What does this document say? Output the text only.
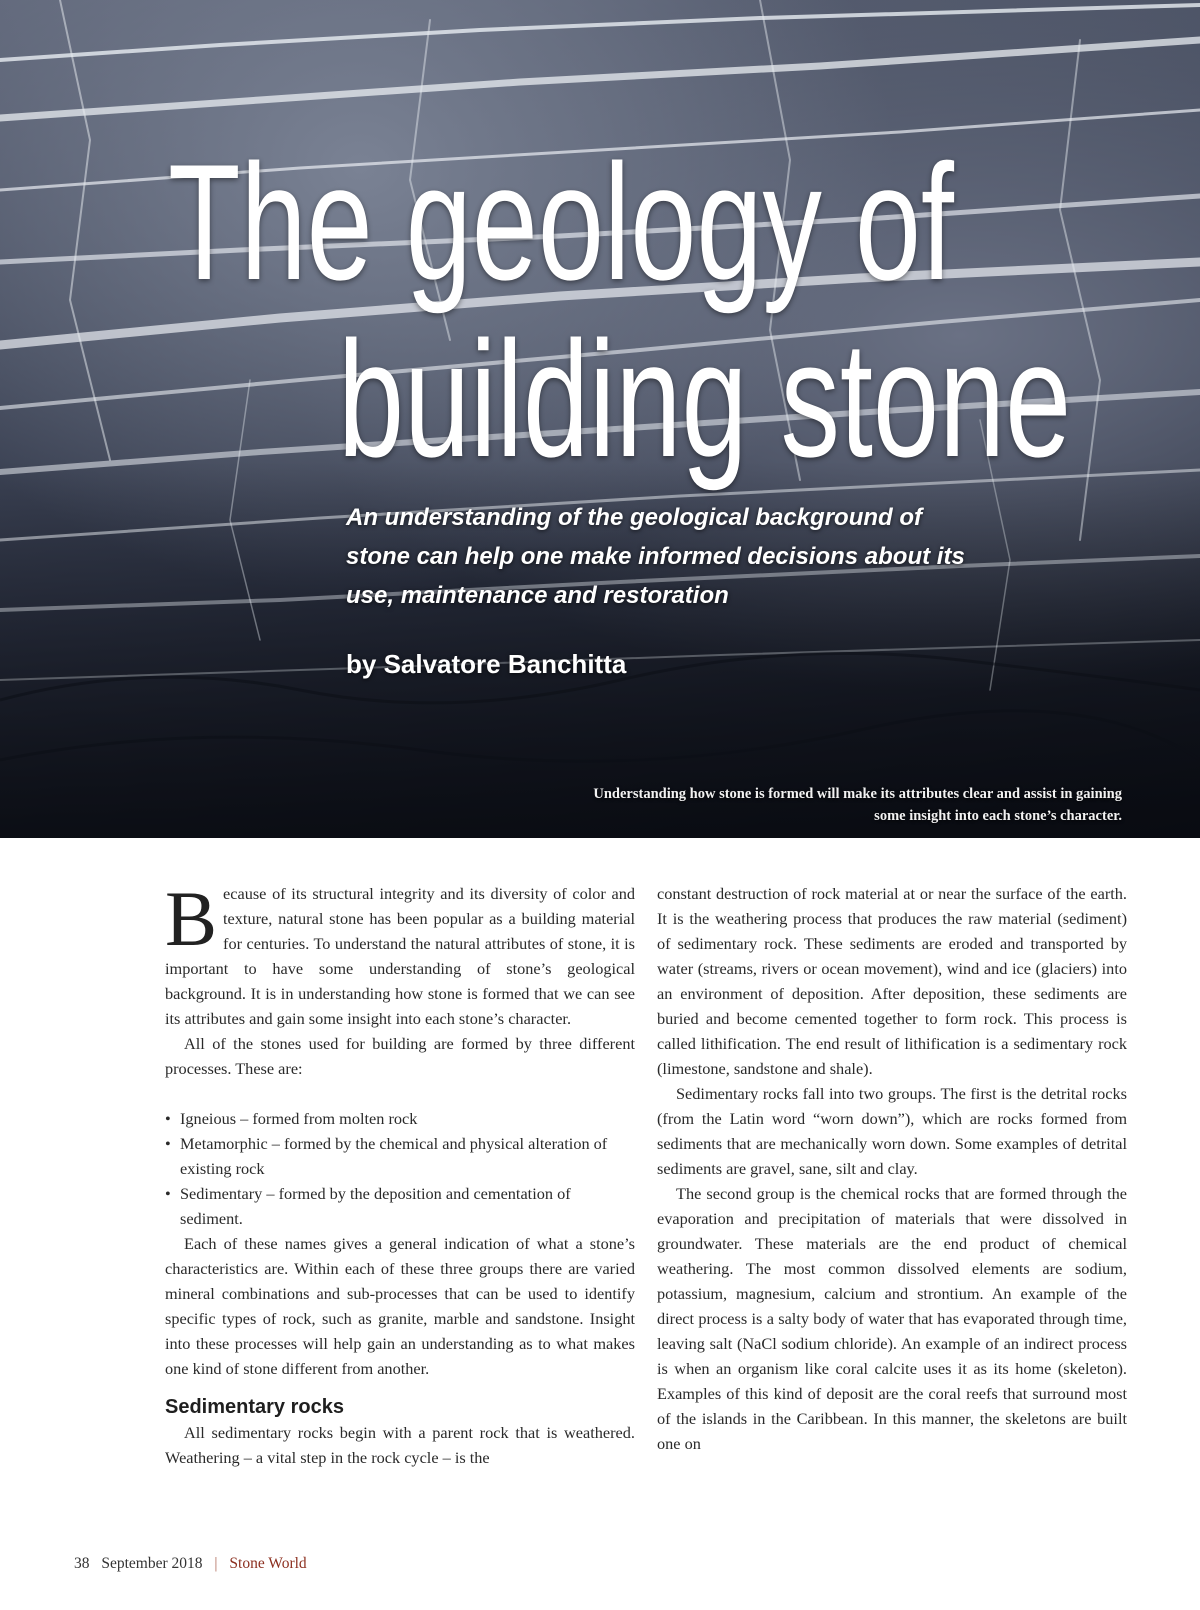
The geology of
building stone

An understanding of the geological background of stone can help one make informed decisions about its use, maintenance and restoration

by Salvatore Banchitta

Understanding how stone is formed will make its attributes clear and assist in gaining some insight into each stone’s character.

Because of its structural integrity and its diversity of color and texture, natural stone has been popular as a building material for centuries. To understand the natural attributes of stone, it is important to have some understanding of stone’s geological background. It is in understanding how stone is formed that we can see its attributes and gain some insight into each stone’s character.

All of the stones used for building are formed by three different processes. These are:

• Igneious – formed from molten rock
• Metamorphic – formed by the chemical and physical alteration of existing rock
• Sedimentary – formed by the deposition and cementation of sediment.

Each of these names gives a general indication of what a stone’s characteristics are. Within each of these three groups there are varied mineral combinations and sub-processes that can be used to identify specific types of rock, such as granite, marble and sandstone. Insight into these processes will help gain an understanding as to what makes one kind of stone different from another.

Sedimentary rocks

All sedimentary rocks begin with a parent rock that is weathered. Weathering – a vital step in the rock cycle – is the

constant destruction of rock material at or near the surface of the earth. It is the weathering process that produces the raw material (sediment) of sedimentary rock. These sediments are eroded and transported by water (streams, rivers or ocean movement), wind and ice (glaciers) into an environment of deposition. After deposition, these sediments are buried and become cemented together to form rock. This process is called lithification. The end result of lithification is a sedimentary rock (limestone, sandstone and shale).

Sedimentary rocks fall into two groups. The first is the detrital rocks (from the Latin word “worn down”), which are rocks formed from sediments that are mechanically worn down. Some examples of detrital sediments are gravel, sane, silt and clay.

The second group is the chemical rocks that are formed through the evaporation and precipitation of materials that were dissolved in groundwater. These materials are the end product of chemical weathering. The most common dissolved elements are sodium, potassium, magnesium, calcium and strontium. An example of the direct process is a salty body of water that has evaporated through time, leaving salt (NaCl sodium chloride). An example of an indirect process is when an organism like coral calcite uses it as its home (skeleton). Examples of this kind of deposit are the coral reefs that surround most of the islands in the Caribbean. In this manner, the skeletons are built one on

38 September 2018 | Stone World
